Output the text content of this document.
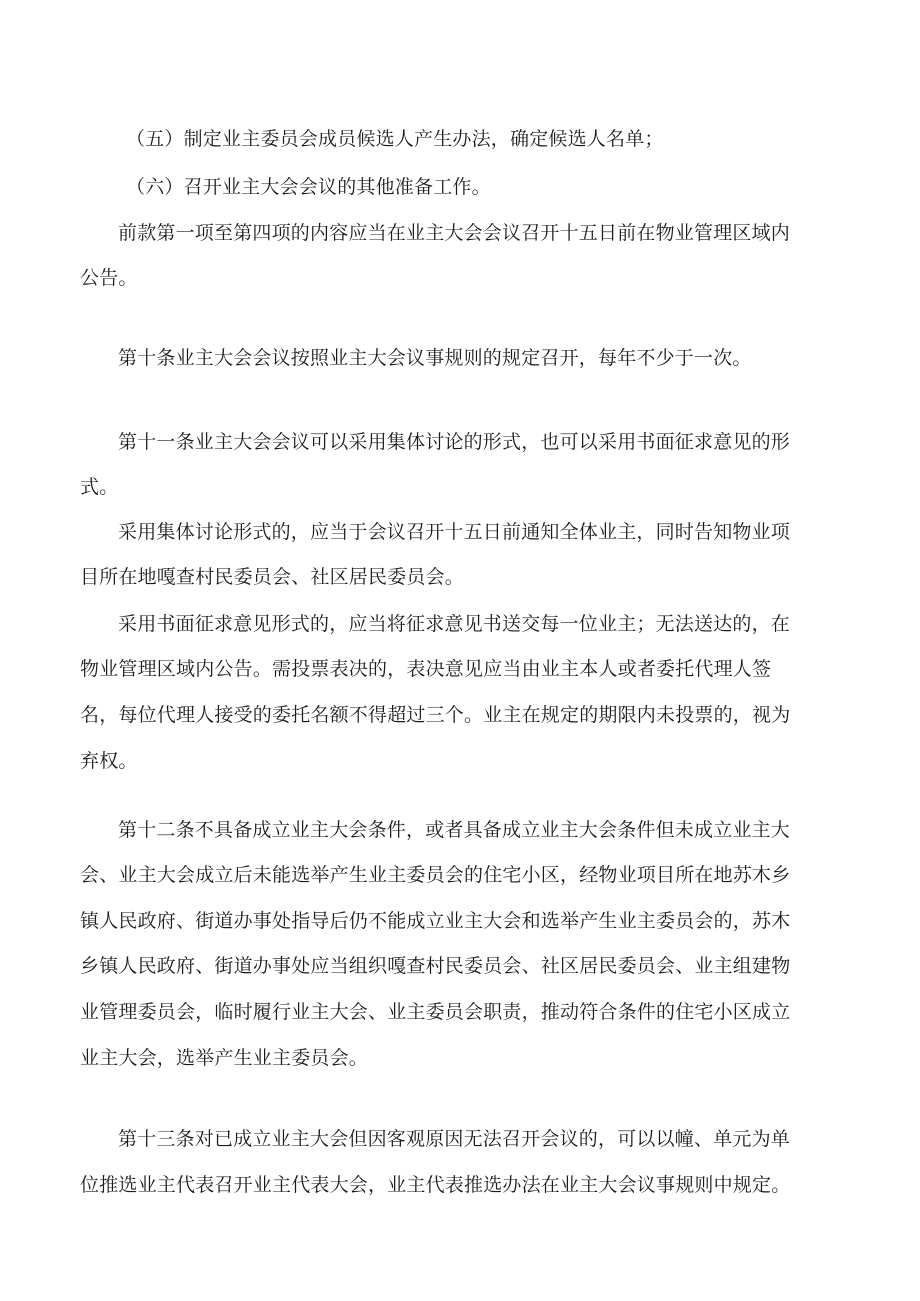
（五）制定业主委员会成员候选人产生办法，确定候选人名单；
（六）召开业主大会会议的其他准备工作。
前款第一项至第四项的内容应当在业主大会会议召开十五日前在物业管理区域内
公告。
第十条业主大会会议按照业主大会议事规则的规定召开，每年不少于一次。
第十一条业主大会会议可以采用集体讨论的形式，也可以采用书面征求意见的形
式。
采用集体讨论形式的，应当于会议召开十五日前通知全体业主，同时告知物业项
目所在地嘎查村民委员会、社区居民委员会。
采用书面征求意见形式的，应当将征求意见书送交每一位业主；无法送达的，在
物业管理区域内公告。需投票表决的，表决意见应当由业主本人或者委托代理人签
名，每位代理人接受的委托名额不得超过三个。业主在规定的期限内未投票的，视为
弃权。
第十二条不具备成立业主大会条件，或者具备成立业主大会条件但未成立业主大
会、业主大会成立后未能选举产生业主委员会的住宅小区，经物业项目所在地苏木乡
镇人民政府、街道办事处指导后仍不能成立业主大会和选举产生业主委员会的，苏木
乡镇人民政府、街道办事处应当组织嘎查村民委员会、社区居民委员会、业主组建物
业管理委员会，临时履行业主大会、业主委员会职责，推动符合条件的住宅小区成立
业主大会，选举产生业主委员会。
第十三条对已成立业主大会但因客观原因无法召开会议的，可以以幢、单元为单
位推选业主代表召开业主代表大会，业主代表推选办法在业主大会议事规则中规定。
